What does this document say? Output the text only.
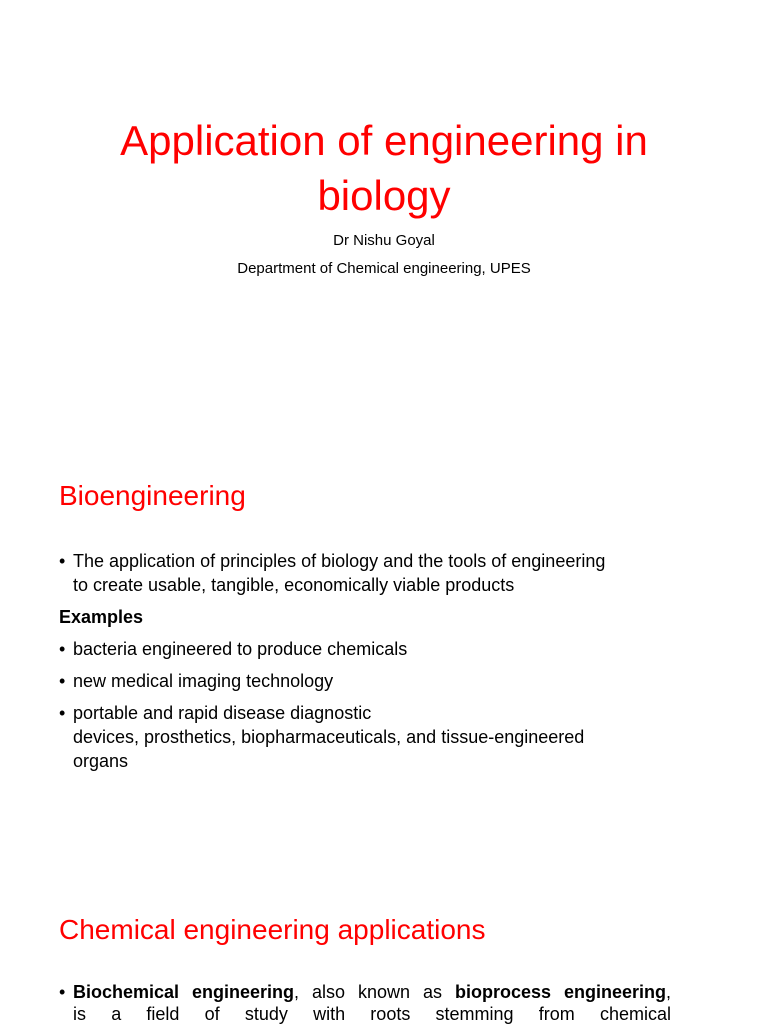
Application of engineering in
biology

Dr Nishu Goyal

Department of Chemical engineering, UPES

Bioengineering
• The application of principles of biology and the tools of engineering
to create usable, tangible, economically viable products

Examples

• bacteria engineered to produce chemicals
• new medical imaging technology
• portable and rapid disease diagnostic
devices, prosthetics, biopharmaceuticals, and tissue-engineered
organs
Chemical engineering applications
• Biochemical engineering, also known as bioprocess engineering,
is a field of study with roots stemming from chemical
